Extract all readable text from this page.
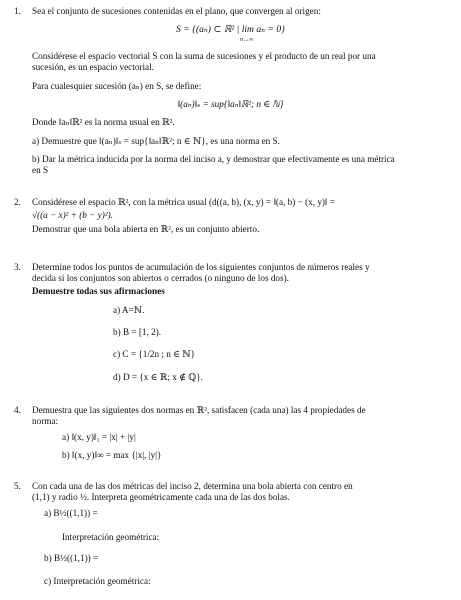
1. Sea el conjunto de sucesiones contenidas en el plano, que convergen al origen:
S = {(aₙ) ⊂ ℝ² | lim aₙ = 0}
n→∞
Considérese el espacio vectorial S con la suma de sucesiones y el producto de un real por una
sucesión, es un espacio vectorial.
Para cualesquier sucesión (aₙ) en S, se define:
‖(aₙ)‖ₛ = sup{‖aₙ‖ℝ²; n ∈ ℕ}
Donde ‖aₙ‖ℝ² es la norma usual en ℝ².
a) Demuestre que ‖(aₙ)‖ₛ = sup{‖aₙ‖ℝ²; n ∈ ℕ}, es una norma en S.
b) Dar la métrica inducida por la norma del inciso a, y demostrar que efectivamente es una métrica
en S
2. Considérese el espacio ℝ², con la métrica usual (d((a, b), (x, y) = ‖(a, b) − (x, y)‖ =
√((a − x)² + (b − y)²).
Demostrar que una bola abierta en ℝ², es un conjunto abierto.
3. Determine todos los puntos de acumulación de los siguientes conjuntos de números reales y
decida si los conjuntos son abiertos o cerrados (o ninguno de los dos).
Demuestre todas sus afirmaciones
a) A=ℕ.
b) B = [1, 2).
c) C = {1/2n ; n ∈ ℕ}
d) D = {x ∈ ℝ; x ∉ ℚ}.
4. Demuestra que las siguientes dos normas en ℝ², satisfacen (cada una) las 4 propiedades de
norma:
a) ‖(x, y)‖₁ = |x| + |y|
b) ‖(x, y)‖∞ = max {|x|, |y|}
5. Con cada una de las dos métricas del inciso 2, determina una bola abierta con centro en
(1,1) y radio ½. Interpreta geométricamente cada una de las dos bolas.
a) B½((1,1)) =
Interpretación geométrica:
b) B½((1,1)) =
c) Interpretación geométrica:
